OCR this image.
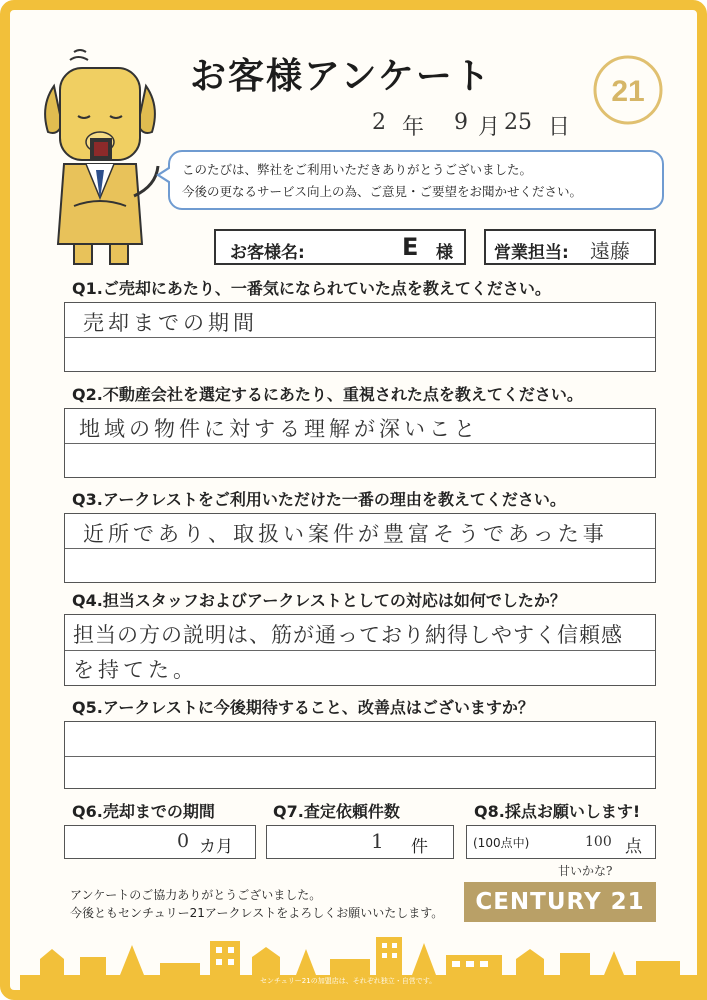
お客様アンケート	21
2 年 9 月 25 日
このたびは、弊社をご利用いただきありがとうございました。
今後の更なるサービス向上の為、ご意見・ご要望をお聞かせください。
お客様名:	E 様 営業担当: 遠藤
Q1.ご売却にあたり、一番気になられていた点を教えてください。
売却までの期間
Q2.不動産会社を選定するにあたり、重視された点を教えてください。
地域の物件に対する理解が深いこと
Q3.アークレストをご利用いただけた一番の理由を教えてください。
近所であり、取扱い案件が豊富そうであった事
Q4.担当スタッフおよびアークレストとしての対応は如何でしたか？
担当の方の説明は、筋が通っており納得しやすく信頼感
を持てた。
Q5.アークレストに今後期待すること、改善点はございますか？
Q6.売却までの期間	Q7.査定依頼件数	Q8.採点お願いします!
0 カ月	1 件	(100点中)	100 点
甘いかな?
アンケートのご協力ありがとうございました。
今後ともセンチュリー21アークレストをよろしくお願いいたします。	CENTURY 21
センチュリー21の加盟店は、それぞれ独立・自営です。
